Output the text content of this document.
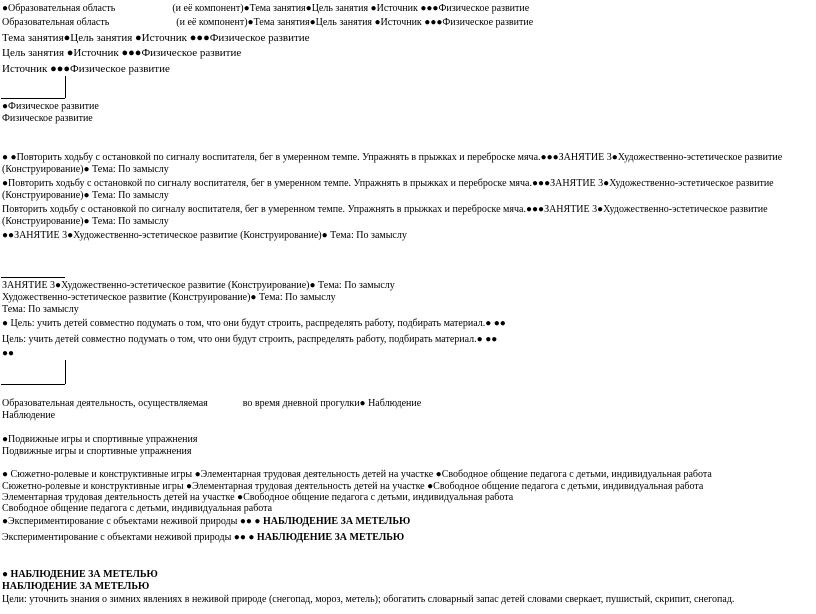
●Образовательная область	(и её компонент)●Тема занятия●Цель занятия ●Источник ●●●Физическое развитие
Образовательная область	(и её компонент)●Тема занятия●Цель занятия ●Источник ●●●Физическое развитие
Тема занятия●Цель занятия ●Источник ●●●Физическое развитие
Цель занятия ●Источник ●●●Физическое развитие
Источник ●●●Физическое развитие
●Физическое развитие
Физическое развитие
● ●Повторить ходьбу с остановкой по сигналу воспитателя, бег в умеренном темпе. Упражнять в прыжках и переброске мяча.●●●ЗАНЯТИЕ 3●Художественно-эстетическое развитие
(Конструирование)● Тема: По замыслу
●Повторить ходьбу с остановкой по сигналу воспитателя, бег в умеренном темпе. Упражнять в прыжках и переброске мяча.●●●ЗАНЯТИЕ 3●Художественно-эстетическое развитие
(Конструирование)● Тема: По замыслу
Повторить ходьбу с остановкой по сигналу воспитателя, бег в умеренном темпе. Упражнять в прыжках и переброске мяча.●●●ЗАНЯТИЕ 3●Художественно-эстетическое развитие
(Конструирование)● Тема: По замыслу
●●ЗАНЯТИЕ 3●Художественно-эстетическое развитие (Конструирование)● Тема: По замыслу
ЗАНЯТИЕ 3●Художественно-эстетическое развитие (Конструирование)● Тема: По замыслу
Художественно-эстетическое развитие (Конструирование)● Тема: По замыслу
Тема: По замыслу
● Цель: учить детей совместно подумать о том, что они будут строить, распределять работу, подбирать материал.● ●●
Цель: учить детей совместно подумать о том, что они будут строить, распределять работу, подбирать материал.● ●●
●●
Образовательная деятельность, осуществляемая	во время дневной прогулки● Наблюдение
Наблюдение
●Подвижные игры и спортивные упражнения
Подвижные игры и спортивные упражнения
● Сюжетно-ролевые и конструктивные игры ●Элементарная трудовая деятельность детей на участке ●Свободное общение педагога с детьми, индивидуальная работа
Сюжетно-ролевые и конструктивные игры ●Элементарная трудовая деятельность детей на участке ●Свободное общение педагога с детьми, индивидуальная работа
Элементарная трудовая деятельность детей на участке ●Свободное общение педагога с детьми, индивидуальная работа
Свободное общение педагога с детьми, индивидуальная работа
●Экспериментирование с объектами неживой природы ●● ● НАБЛЮДЕНИЕ ЗА МЕТЕЛЬЮ
Экспериментирование с объектами неживой природы ●● ● НАБЛЮДЕНИЕ ЗА МЕТЕЛЬЮ
● НАБЛЮДЕНИЕ ЗА МЕТЕЛЬЮ
НАБЛЮДЕНИЕ ЗА МЕТЕЛЬЮ
Цели: уточнить знания о зимних явлениях в неживой природе (снегопад, мороз, метель); обогатить словарный запас детей словами сверкает, пушистый, скрипит, снегопад.
